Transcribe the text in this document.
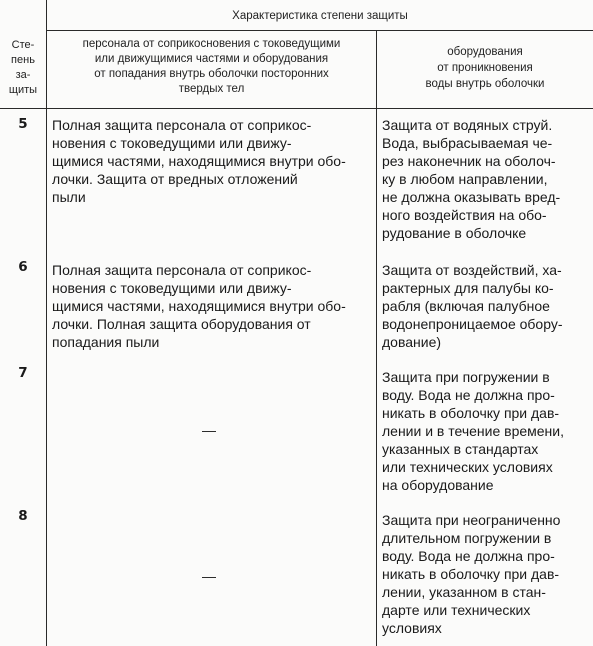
Сте-
пень
за-
щиты
Характеристика степени защиты
персонала от соприкосновения с токоведущими
или движущимися частями и оборудования
от попадания внутрь оболочки посторонних
твердых тел
оборудования
от проникновения
воды внутрь оболочки
5	Полная защита персонала от соприкос-
новения с токоведущими или движу-
щимися частями, находящимися внутри обо-
лочки. Защита от вредных отложений
пыли
Защита от водяных струй.
Вода, выбрасываемая че-
рез наконечник на оболоч-
ку в любом направлении,
не должна оказывать вред-
ного воздействия на обо-
рудование в оболочке
6	Полная защита персонала от соприкос-
новения с токоведущими или движу-
щимися частями, находящимися внутри обо-
лочки. Полная защита оборудования от
попадания пыли
Защита от воздействий, ха-
рактерных для палубы ко-
рабля (включая палубное
водонепроницаемое обору-
дование)
7
—
Защита при погружении в
воду. Вода не должна про-
никать в оболочку при дав-
лении и в течение времени,
указанных в стандартах
или технических условиях
на оборудование
8
—
Защита при неограниченно
длительном погружении в
воду. Вода не должна про-
никать в оболочку при дав-
лении, указанном в стан-
дарте или технических
условиях
